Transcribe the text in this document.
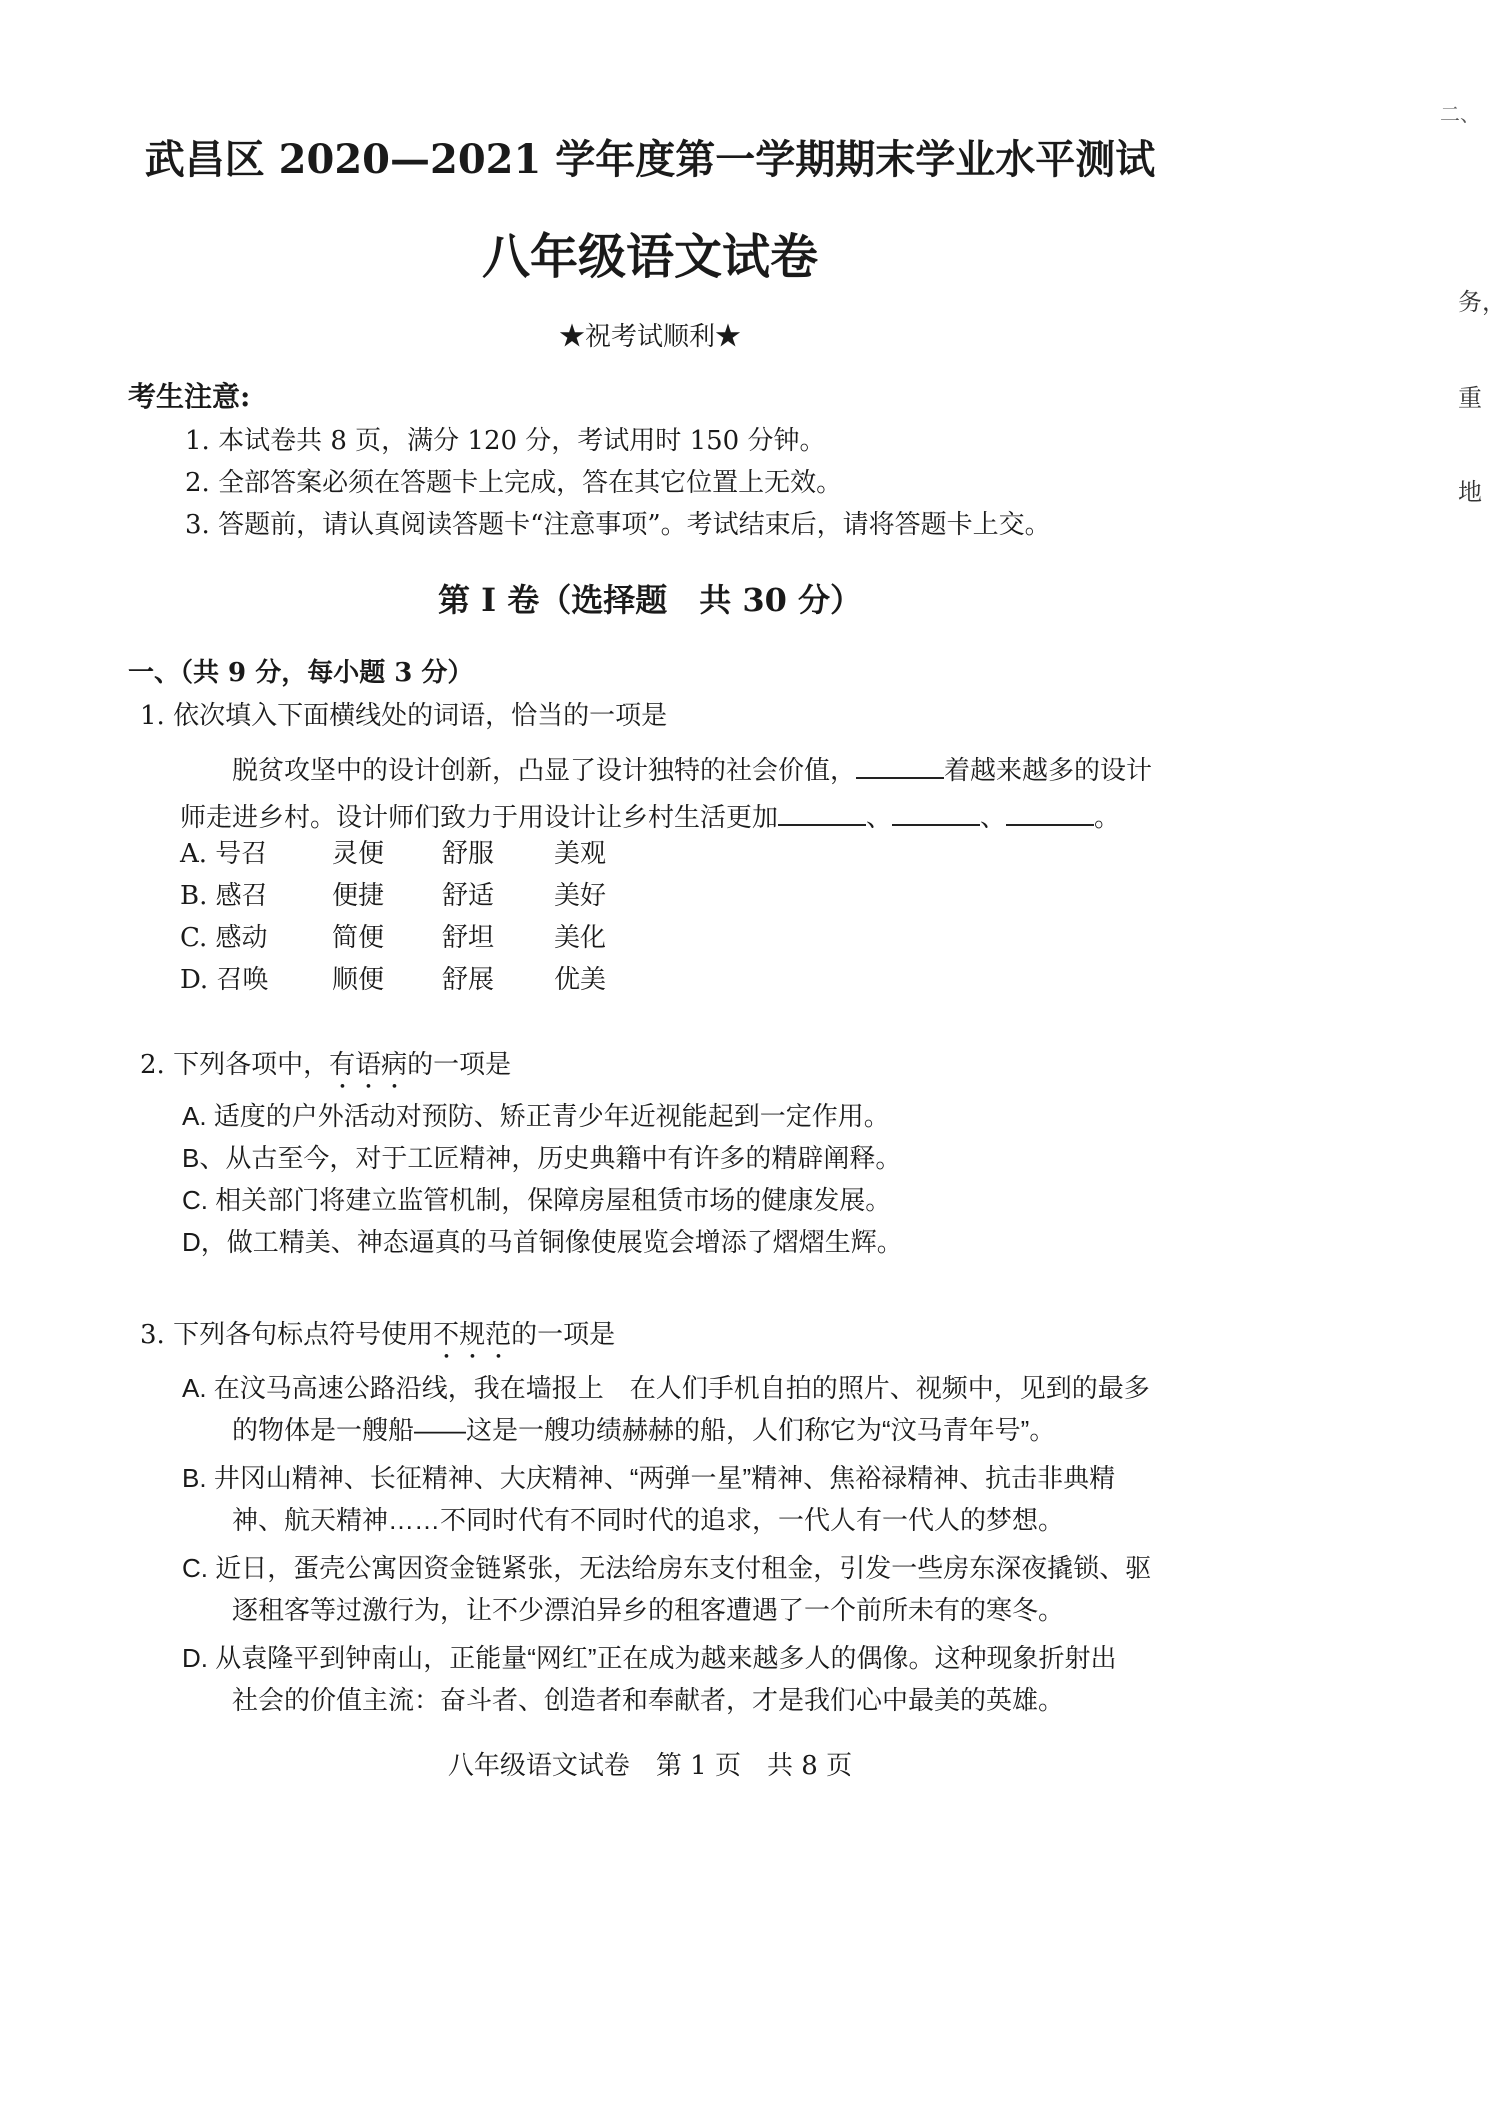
武昌区 2020—2021 学年度第一学期期末学业水平测试
八年级语文试卷
★祝考试顺利★
考生注意:
1. 本试卷共 8 页，满分 120 分，考试用时 150 分钟。
2. 全部答案必须在答题卡上完成，答在其它位置上无效。
3. 答题前，请认真阅读答题卡“注意事项”。考试结束后，请将答题卡上交。
第 I 卷（选择题　共 30 分）
一、（共 9 分，每小题 3 分）
1. 依次填入下面横线处的词语，恰当的一项是
脱贫攻坚中的设计创新，凸显了设计独特的社会价值，	着越来越多的设计
师走进乡村。设计师们致力于用设计让乡村生活更加	、	、	。
A. 号召	灵便	舒服	美观
B. 感召	便捷	舒适	美好
C. 感动	简便	舒坦	美化
D. 召唤	顺便	舒展	优美
2. 下列各项中，有语病的一项是
A. 适度的户外活动对预防、矫正青少年近视能起到一定作用。
B、从古至今，对于工匠精神，历史典籍中有许多的精辟阐释。
C. 相关部门将建立监管机制，保障房屋租赁市场的健康发展。
D，做工精美、神态逼真的马首铜像使展览会增添了熠熠生辉。
3. 下列各句标点符号使用不规范的一项是
A. 在汶马高速公路沿线，我在墙报上　在人们手机自拍的照片、视频中，见到的最多
的物体是一艘船——这是一艘功绩赫赫的船，人们称它为“汶马青年号”。
B. 井冈山精神、长征精神、大庆精神、“两弹一星”精神、焦裕禄精神、抗击非典精
神、航天精神……不同时代有不同时代的追求，一代人有一代人的梦想。
C. 近日，蛋壳公寓因资金链紧张，无法给房东支付租金，引发一些房东深夜撬锁、驱
逐租客等过激行为，让不少漂泊异乡的租客遭遇了一个前所未有的寒冬。
D. 从袁隆平到钟南山，正能量“网红”正在成为越来越多人的偶像。这种现象折射出
社会的价值主流：奋斗者、创造者和奉献者，才是我们心中最美的英雄。
八年级语文试卷　第 1 页　共 8 页
二、
务，
重
地
